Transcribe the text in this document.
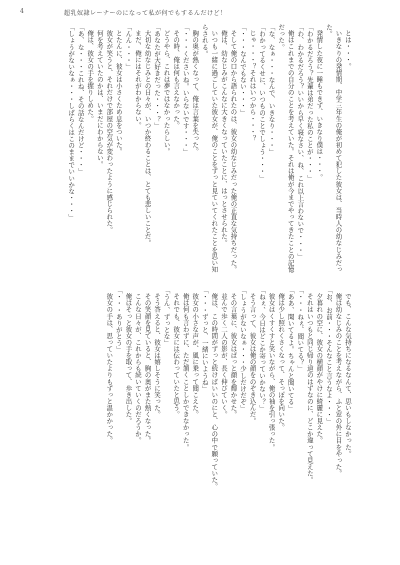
4	超乳奴隷レーナーのになって私が何でもするんだけど！
とは・・・。
いきなりの発情期、中学三年生の俺が初めて犯した彼女は、当時人の幼なじみだった。
発情した夜に一睡もできず、いきなり僕は・・・。
「わかるだろう？先輩は弟だった私のことが・・・」
「わ、わかるだろう？いいから早く寝なさい、ね、これ以上言わないで・・・」
俺はこれまでの自分のことを考えていた。それは俺が今までやってきたことの記憶だった。
「な、なぁ・・・なんで、いきなり・・・」
「わかってるくせに、いつものことでしょう・・・」
じゃ・・・？それはいつから・・・？
「・・・なんでもない・・・」
そして俺の口から語られたのは、彼女の幼なじみだった俺の正直な気持ちだった。
俺は、幼なじみがこんなに大きくなっていたことに、はっとさせられた。
いつも一緒に過ごしていた彼女が、俺のことをずっと見ていてくれたことを思い知らされる。
胸の奥が熱くなって、俺は言葉を失った。
「・・・くださいね。いらないです・・・」
その時、俺は何も言えなかった。
どうやら、これは夢ではなかったらしい。
「あなたが大好きだった・・・？」
大切な幼なじみとの日々が、いつか終わることは、とても悲しいことだ。
まだ、俺にはそれがわからない。
「んん・・・」
とたんに、彼女は小さくため息をついた。
彼女が笑うと、それだけで部屋の空気が変わったように感じられた。
何を考えていたのかは、いまだにわからない。
俺は、彼女の手を握りしめた。
「あ、な・・・これね、その話なんだけど・・・」
「しょうがないなぁ・・・しばらくはこのままでいいかな・・・」
でも、こんな気持ちになるなんて、思いもしなかった。
俺は幼なじみのことを考えながら、ふと窓の外に目をやった。
「お、お前・・・そんなこと言うなよ・・・」
夕暮れの空に、彼女の横顔がやけに綺麗に見えた。
それはいつもと同じ帰り道のはずなのに、どこか違って見えた。
「・・・ねぇ、聞いてる？」
「ああ、聞いてるよ。ちゃんと聞いてる」
俺は少し照れくさくなって、そっぽを向いた。
彼女はくすくすと笑いながら、俺の袖を引っ張った。
「ねぇ、今日はどこか寄っていかない？」
そう言って、彼女は俺の顔をのぞき込んだ。
「しょうがないなぁ・・・少しだけだぞ」
その言葉に、彼女はぱっと顔を輝かせた。
並んで歩く二人の影が、長く伸びていく。
俺は、この時間がずっと続けばいいのにと、心の中で願っていた。
「・・・ずっと、一緒にいようね」
彼女の小さな声が、風に乗って聞こえた。
俺は何も言わずに、ただ頷くことしかできなかった。
それでも、彼女には伝わっていたと思う。
「うん、ずっとな」
そう答えると、彼女は嬉しそうに笑った。
その笑顔を見ていると、胸の奥がまた熱くなった。
こんな日々が、これからも続いていくのだろうか。
俺はそっと彼女の手を取って、歩き出した。
「・・・ありがとう」
彼女の手は、思っていたよりもずっと温かかった。
